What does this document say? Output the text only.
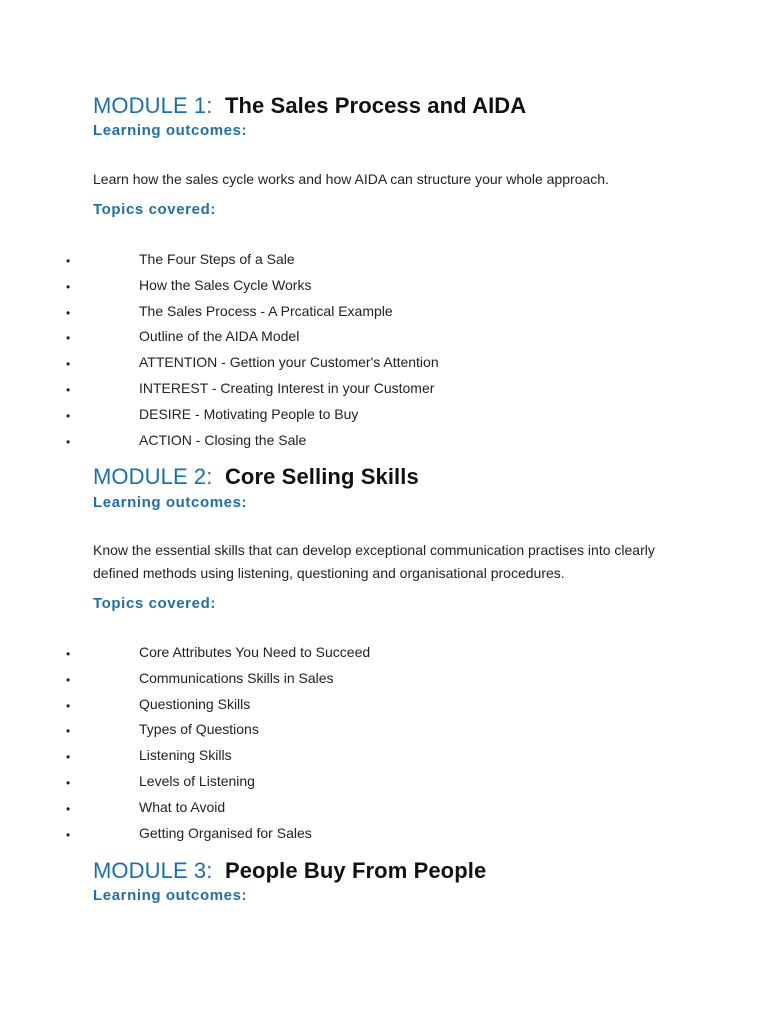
MODULE 1: The Sales Process and AIDA

Learning outcomes:

Learn how the sales cycle works and how AIDA can structure your whole approach.

Topics covered:

•	The Four Steps of a Sale
•	How the Sales Cycle Works
•	The Sales Process - A Prcatical Example
•	Outline of the AIDA Model
•	ATTENTION - Gettion your Customer's Attention
•	INTEREST - Creating Interest in your Customer
•	DESIRE - Motivating People to Buy
•	ACTION - Closing the Sale
MODULE 2: Core Selling Skills

Learning outcomes:

Know the essential skills that can develop exceptional communication practises into clearly defined methods using listening, questioning and organisational procedures.

Topics covered:

•	Core Attributes You Need to Succeed
•	Communications Skills in Sales
•	Questioning Skills
•	Types of Questions
•	Listening Skills
•	Levels of Listening
•	What to Avoid
•	Getting Organised for Sales
MODULE 3: People Buy From People

Learning outcomes:
